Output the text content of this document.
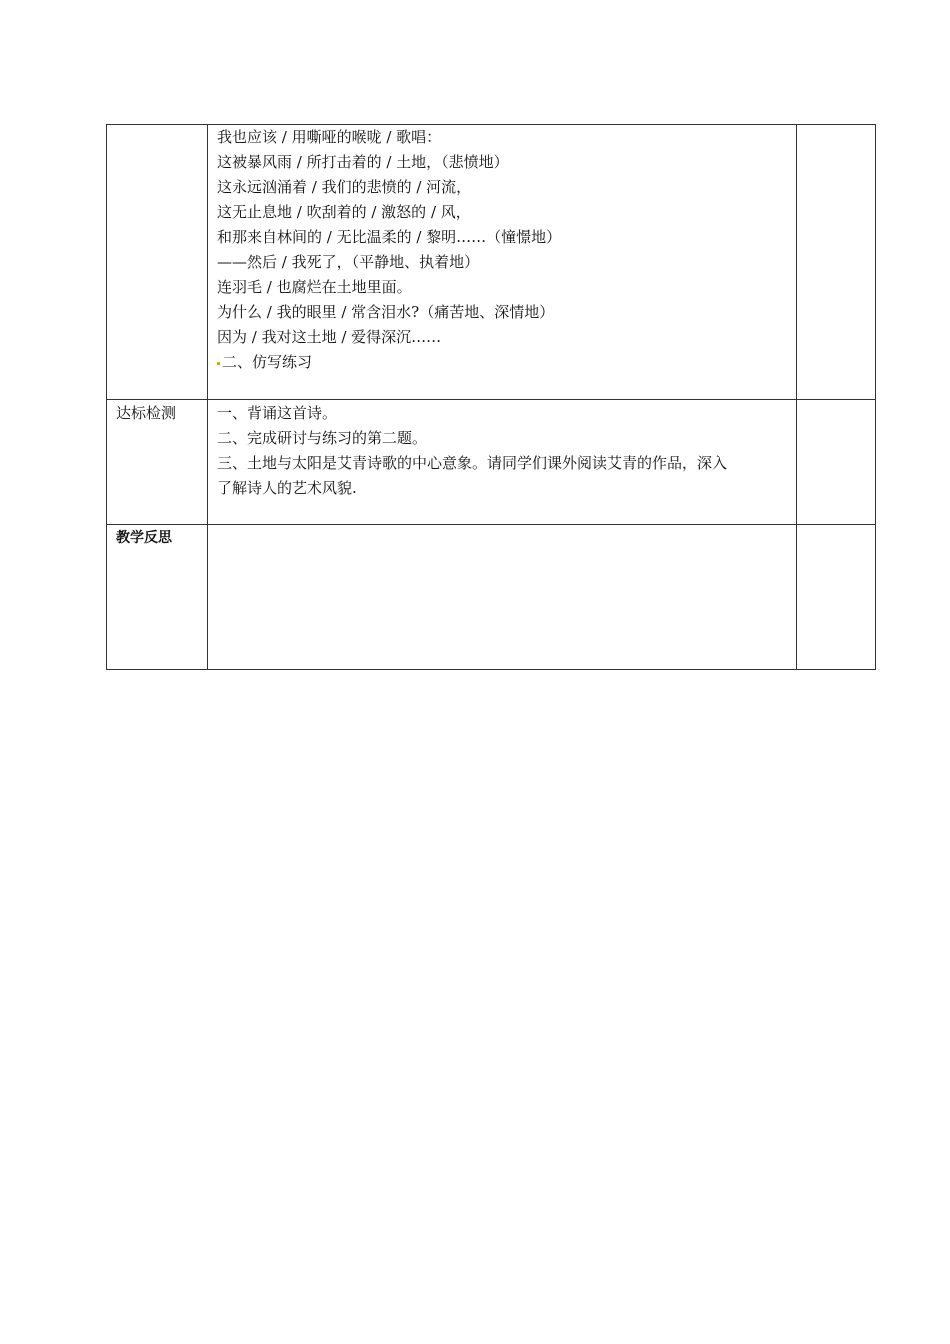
我也应该 / 用嘶哑的喉咙 / 歌唱：
这被暴风雨 / 所打击着的 / 土地，（悲愤地）
这永远汹涌着 / 我们的悲愤的 / 河流，
这无止息地 / 吹刮着的 / 激怒的 / 风，
和那来自林间的 / 无比温柔的 / 黎明……（憧憬地）
——然后 / 我死了，（平静地、执着地）
连羽毛 / 也腐烂在土地里面。
为什么 / 我的眼里 / 常含泪水?（痛苦地、深情地）
因为 / 我对这土地 / 爱得深沉……
二、仿写练习
达标检测	一、背诵这首诗。
二、完成研讨与练习的第二题。
三、土地与太阳是艾青诗歌的中心意象。请同学们课外阅读艾青的作品，深入
了解诗人的艺术风貌.
教学反思
